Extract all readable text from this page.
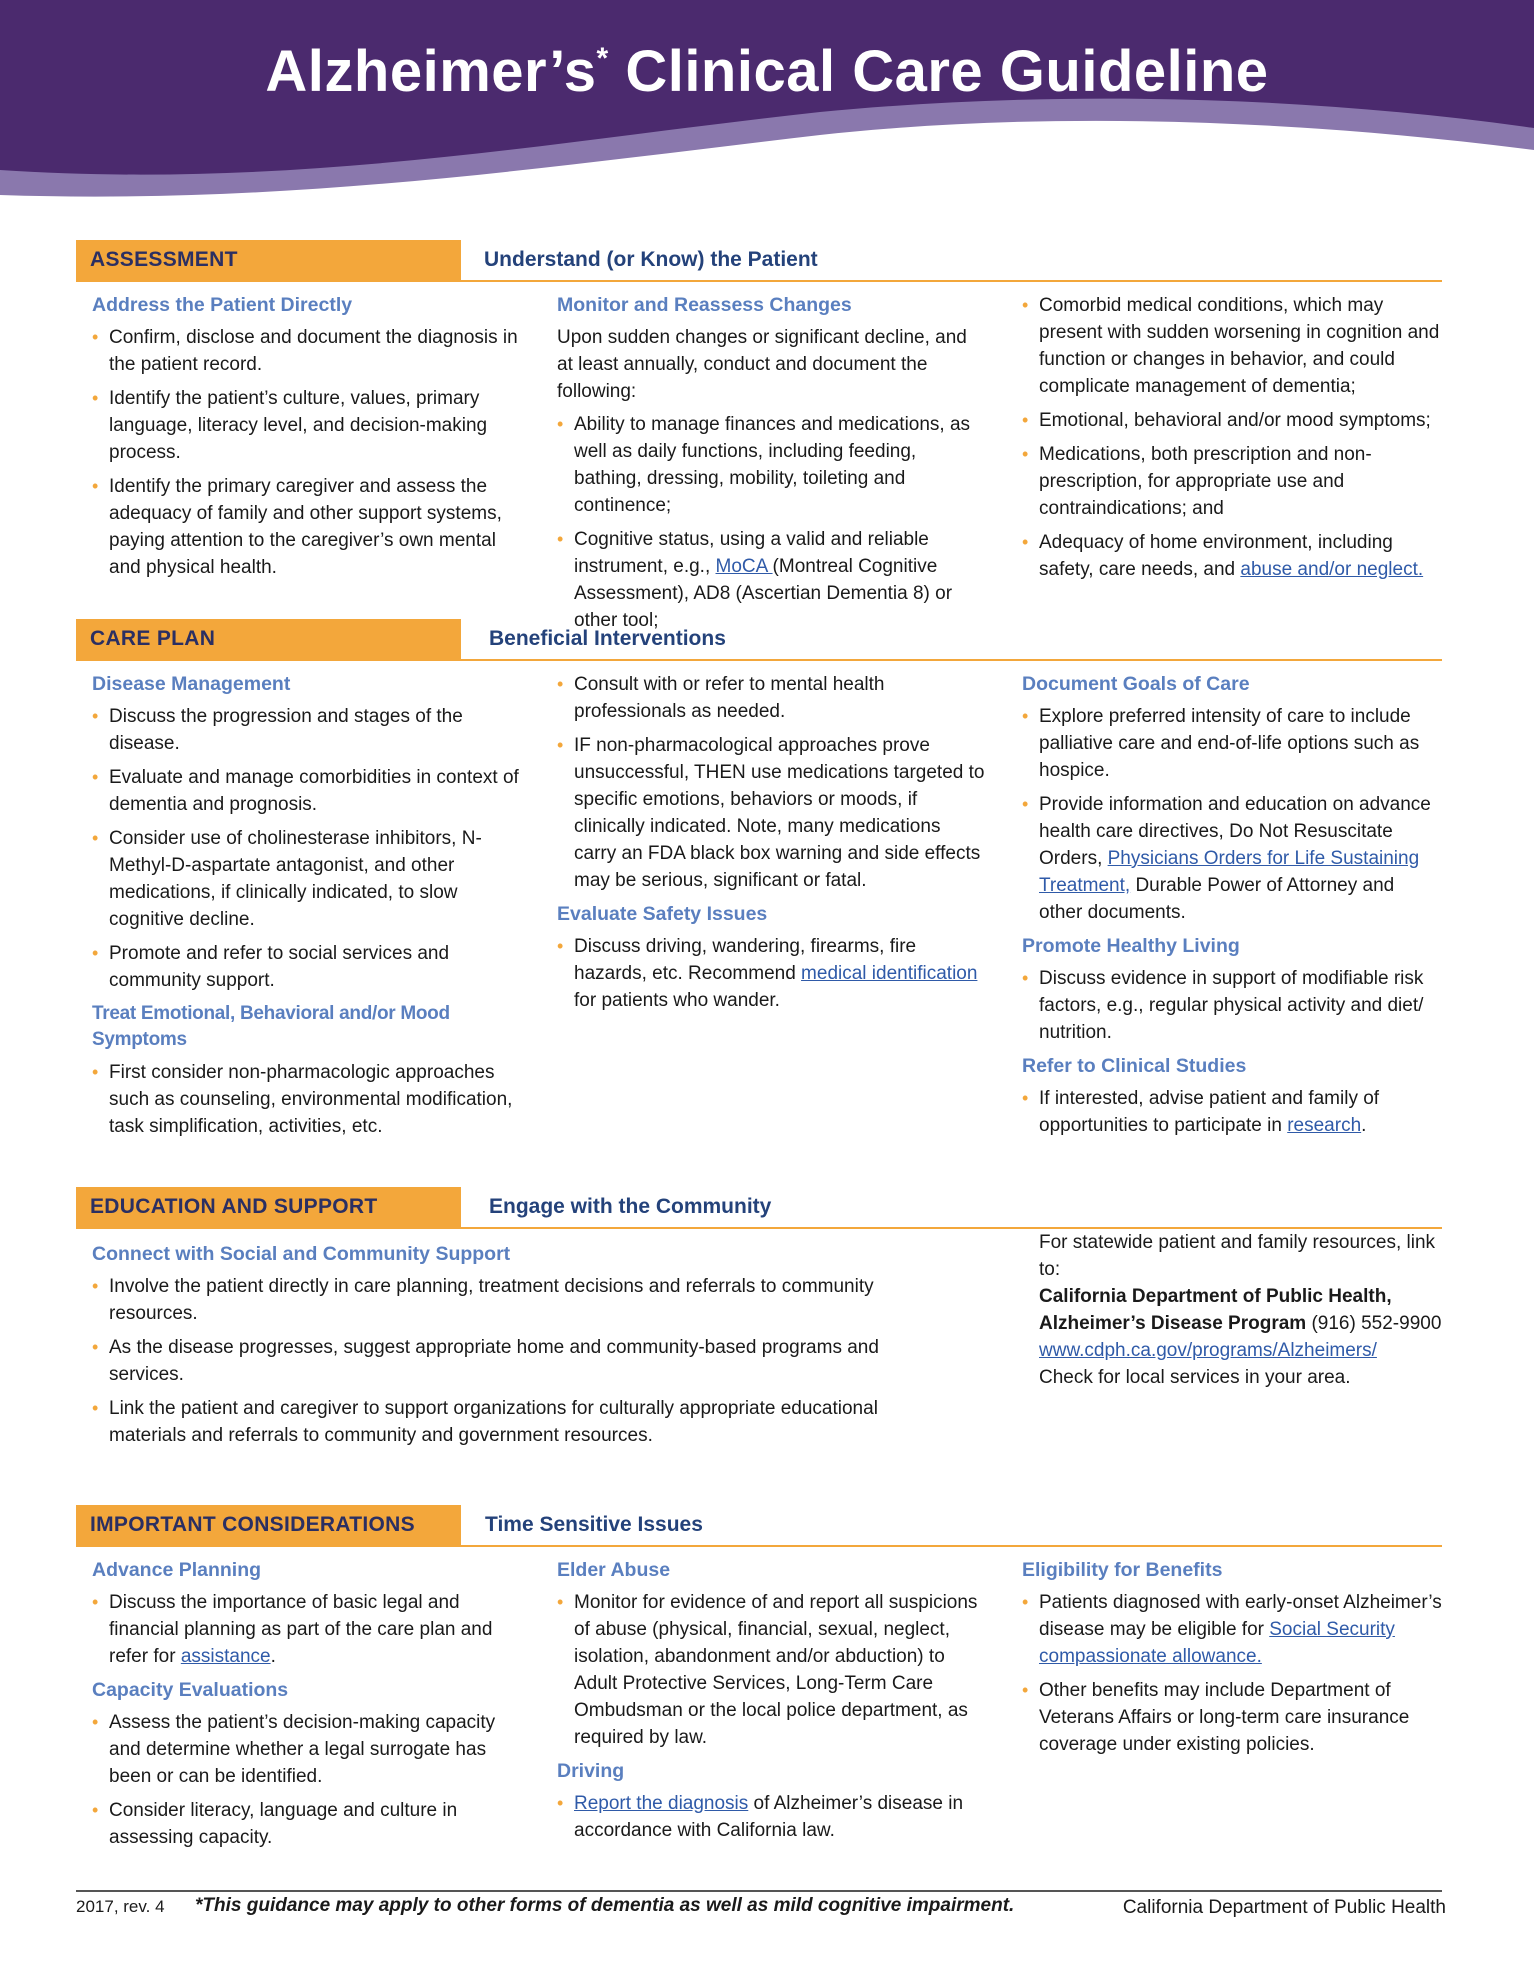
Alzheimer’s* Clinical Care Guideline
ASSESSMENT	Understand (or Know) the Patient
Address the Patient Directly
• Confirm, disclose and document the diagnosis in the patient record.
• Identify the patient’s culture, values, primary language, literacy level, and decision-making process.
• Identify the primary caregiver and assess the adequacy of family and other support systems, paying attention to the caregiver’s own mental and physical health.
Monitor and Reassess Changes
Upon sudden changes or significant decline, and at least annually, conduct and document the following:
• Ability to manage finances and medications, as well as daily functions, including feeding, bathing, dressing, mobility, toileting and continence;
• Cognitive status, using a valid and reliable instrument, e.g., MoCA (Montreal Cognitive Assessment), AD8 (Ascertian Dementia 8) or other tool;
• Comorbid medical conditions, which may present with sudden worsening in cognition and function or changes in behavior, and could complicate management of dementia;
• Emotional, behavioral and/or mood symptoms;
• Medications, both prescription and non-prescription, for appropriate use and contraindications; and
• Adequacy of home environment, including safety, care needs, and abuse and/or neglect.
CARE PLAN	Beneficial Interventions
Disease Management
• Discuss the progression and stages of the disease.
• Evaluate and manage comorbidities in context of dementia and prognosis.
• Consider use of cholinesterase inhibitors, N-Methyl-D-aspartate antagonist, and other medications, if clinically indicated, to slow cognitive decline.
• Promote and refer to social services and community support.
Treat Emotional, Behavioral and/or Mood Symptoms
• First consider non-pharmacologic approaches such as counseling, environmental modification, task simplification, activities, etc.
• Consult with or refer to mental health professionals as needed.
• IF non-pharmacological approaches prove unsuccessful, THEN use medications targeted to specific emotions, behaviors or moods, if clinically indicated. Note, many medications carry an FDA black box warning and side effects may be serious, significant or fatal.
Evaluate Safety Issues
• Discuss driving, wandering, firearms, fire hazards, etc. Recommend medical identification for patients who wander.
Document Goals of Care
• Explore preferred intensity of care to include palliative care and end-of-life options such as hospice.
• Provide information and education on advance health care directives, Do Not Resuscitate Orders, Physicians Orders for Life Sustaining Treatment, Durable Power of Attorney and other documents.
Promote Healthy Living
• Discuss evidence in support of modifiable risk factors, e.g., regular physical activity and diet/ nutrition.
Refer to Clinical Studies
• If interested, advise patient and family of opportunities to participate in research.
EDUCATION AND SUPPORT	Engage with the Community
Connect with Social and Community Support
• Involve the patient directly in care planning, treatment decisions and referrals to community resources.
• As the disease progresses, suggest appropriate home and community-based programs and services.
• Link the patient and caregiver to support organizations for culturally appropriate educational materials and referrals to community and government resources.
For statewide patient and family resources, link to:
California Department of Public Health, Alzheimer’s Disease Program (916) 552-9900
www.cdph.ca.gov/programs/Alzheimers/
Check for local services in your area.
IMPORTANT CONSIDERATIONS	Time Sensitive Issues
Advance Planning
• Discuss the importance of basic legal and financial planning as part of the care plan and refer for assistance.
Capacity Evaluations
• Assess the patient’s decision-making capacity and determine whether a legal surrogate has been or can be identified.
• Consider literacy, language and culture in assessing capacity.
Elder Abuse
• Monitor for evidence of and report all suspicions of abuse (physical, financial, sexual, neglect, isolation, abandonment and/or abduction) to Adult Protective Services, Long-Term Care Ombudsman or the local police department, as required by law.
Driving
• Report the diagnosis of Alzheimer’s disease in accordance with California law.
Eligibility for Benefits
• Patients diagnosed with early-onset Alzheimer’s disease may be eligible for Social Security compassionate allowance.
• Other benefits may include Department of Veterans Affairs or long-term care insurance coverage under existing policies.
2017, rev. 4 *This guidance may apply to other forms of dementia as well as mild cognitive impairment.	California Department of Public Health
